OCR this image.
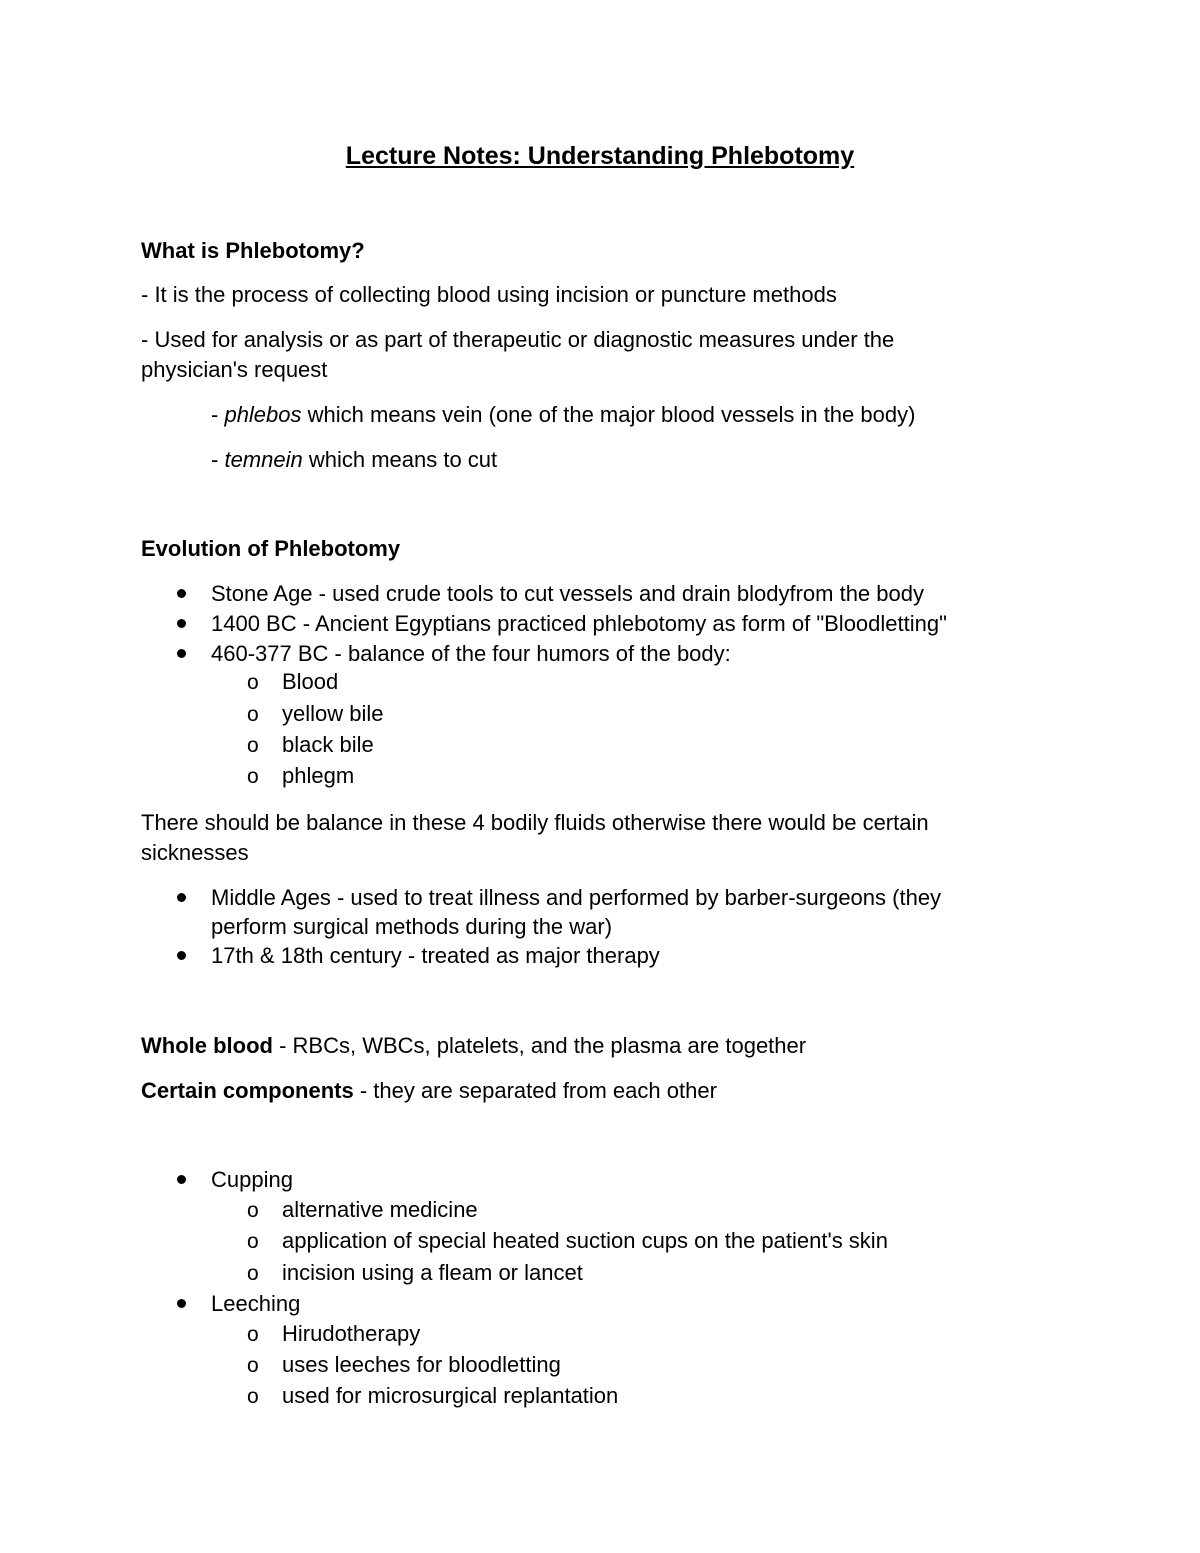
Lecture Notes: Understanding Phlebotomy
What is Phlebotomy?
- It is the process of collecting blood using incision or puncture methods
- Used for analysis or as part of therapeutic or diagnostic measures under the
physician's request
- phlebos which means vein (one of the major blood vessels in the body)
- temnein which means to cut
Evolution of Phlebotomy
Stone Age - used crude tools to cut vessels and drain blodyfrom the body
1400 BC - Ancient Egyptians practiced phlebotomy as form of "Bloodletting"
460-377 BC - balance of the four humors of the body:
o Blood
o yellow bile
o black bile
o phlegm
There should be balance in these 4 bodily fluids otherwise there would be certain
sicknesses
Middle Ages - used to treat illness and performed by barber-surgeons (they
perform surgical methods during the war)
17th & 18th century - treated as major therapy
Whole blood - RBCs, WBCs, platelets, and the plasma are together
Certain components - they are separated from each other
Cupping
o alternative medicine
o application of special heated suction cups on the patient's skin
o incision using a fleam or lancet
Leeching
o Hirudotherapy
o uses leeches for bloodletting
o used for microsurgical replantation
